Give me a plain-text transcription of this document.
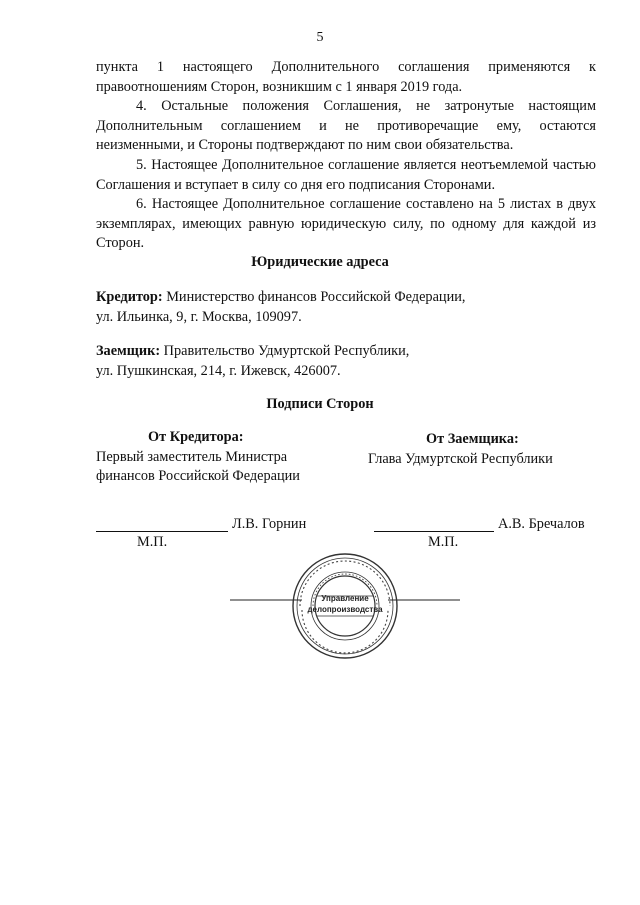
5

пункта 1 настоящего Дополнительного соглашения применяются к правоотношениям Сторон, возникшим с 1 января 2019 года.

4. Остальные положения Соглашения, не затронутые настоящим Дополнительным соглашением и не противоречащие ему, остаются неизменными, и Стороны подтверждают по ним свои обязательства.

5. Настоящее Дополнительное соглашение является неотъемлемой частью Соглашения и вступает в силу со дня его подписания Сторонами.

6. Настоящее Дополнительное соглашение составлено на 5 листах в двух экземплярах, имеющих равную юридическую силу, по одному для каждой из Сторон.

Юридические адреса
Кредитор: Министерство финансов Российской Федерации,
ул. Ильинка, 9, г. Москва, 109097.
Заемщик: Правительство Удмуртской Республики,
ул. Пушкинская, 214, г. Ижевск, 426007.
Подписи Сторон
От Кредитора:
Первый заместитель Министра
финансов Российской Федерации
От Заемщика:
Глава Удмуртской Республики
Л.В. Горнин	А.В. Бречалов
М.П.	М.П.
Управление
делопроизводства
